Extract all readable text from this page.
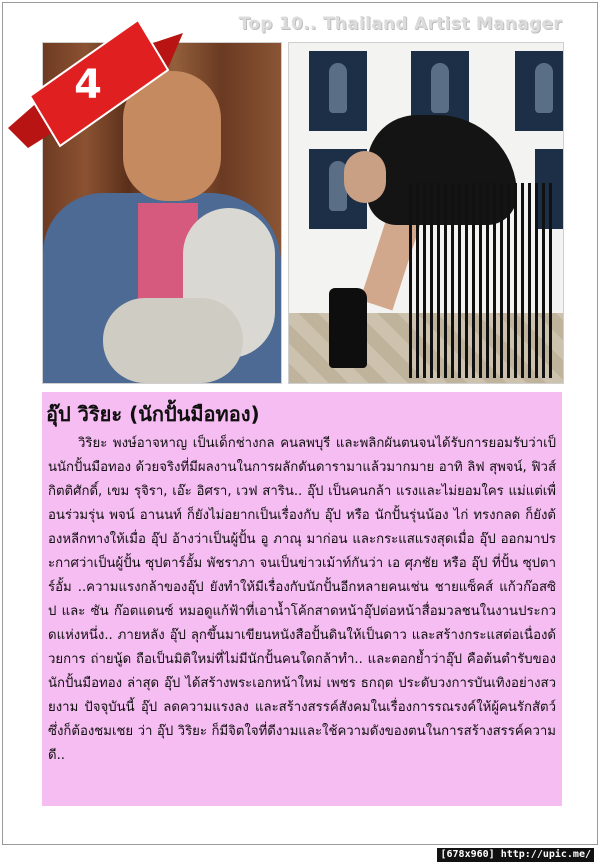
Top 10.. Thailand Artist Manager
4
อุ๊ป วิริยะ (นักปั้นมือทอง)

วิริยะ พงษ์อาจหาญ เป็นเด็กช่างกล คนลพบุรี และพลิกผันตนจนได้รับการยอมรับว่าเป็นนักปั้นมือทอง ด้วยจริงที่มีผลงานในการผลักดันดารามาแล้วมากมาย อาทิ ลิฟ สุพจน์, ฟิวส์ กิตติศักดิ์, เขม รุจิรา, เอ๊ะ อิศรา, เวฟ สาริน.. อุ๊ป เป็นคนกล้า แรงและไม่ยอมใคร แม่แต่เพื่อนร่วมรุ่น พจน์ อานนท์ ก็ยังไม่อยากเป็นเรื่องกับ อุ๊ป หรือ นักปั้นรุ่นน้อง ไก่ ทรงกลด ก็ยังต้องหลีกทางให้เมื่อ อุ๊ป อ้างว่าเป็นผู้ปั้น อู ภาณุ มาก่อน และกระแสแรงสุดเมื่อ อุ๊ป ออกมาประกาศว่าเป็นผู้ปั้น ซุปตาร์อั้ม พัชราภา จนเป็นข่าวเม้าท์กันว่า เอ ศุภชัย หรือ อุ๊ป ที่ปั้น ซุปตาร์อั้ม ..ความแรงกล้าของอุ๊ป ยังทำให้มีเรื่องกับนักปั้นอีกหลายคนเช่น ชายแซ็คส์ แก้วก๊อสซิป และ ซัน ก๊อตแดนซ์ หมอดูแก้ฟ้าที่เอาน้ำโค้กสาดหน้าอุ๊ปต่อหน้าสื่อมวลชนในงานประกวดแห่งหนึ่ง.. ภายหลัง อุ๊ป ลุกขึ้นมาเขียนหนังสือปั้นดินให้เป็นดาว และสร้างกระแสต่อเนื่องด้วยการ ถ่ายนู้ด ถือเป็นมิติใหม่ที่ไม่มีนักปั้นคนใดกล้าทำ.. และตอกย้ำว่าอุ๊ป คือต้นตำรับของนักปั้นมือทอง ล่าสุด อุ๊ป ได้สร้างพระเอกหน้าใหม่ เพชร ธกฤต ประดับวงการบันเทิงอย่างสวยงาม ปัจจุบันนี้ อุ๊ป ลดความแรงลง และสร้างสรรค์สังคมในเรื่องการรณรงค์ให้ผู้คนรักสัตว์ ซึ่งก็ต้องชมเชย ว่า อุ๊ป วิริยะ ก็มีจิตใจที่ดีงามและใช้ความดังของตนในการสร้างสรรค์ความดี..

[678x960] http://upic.me/
